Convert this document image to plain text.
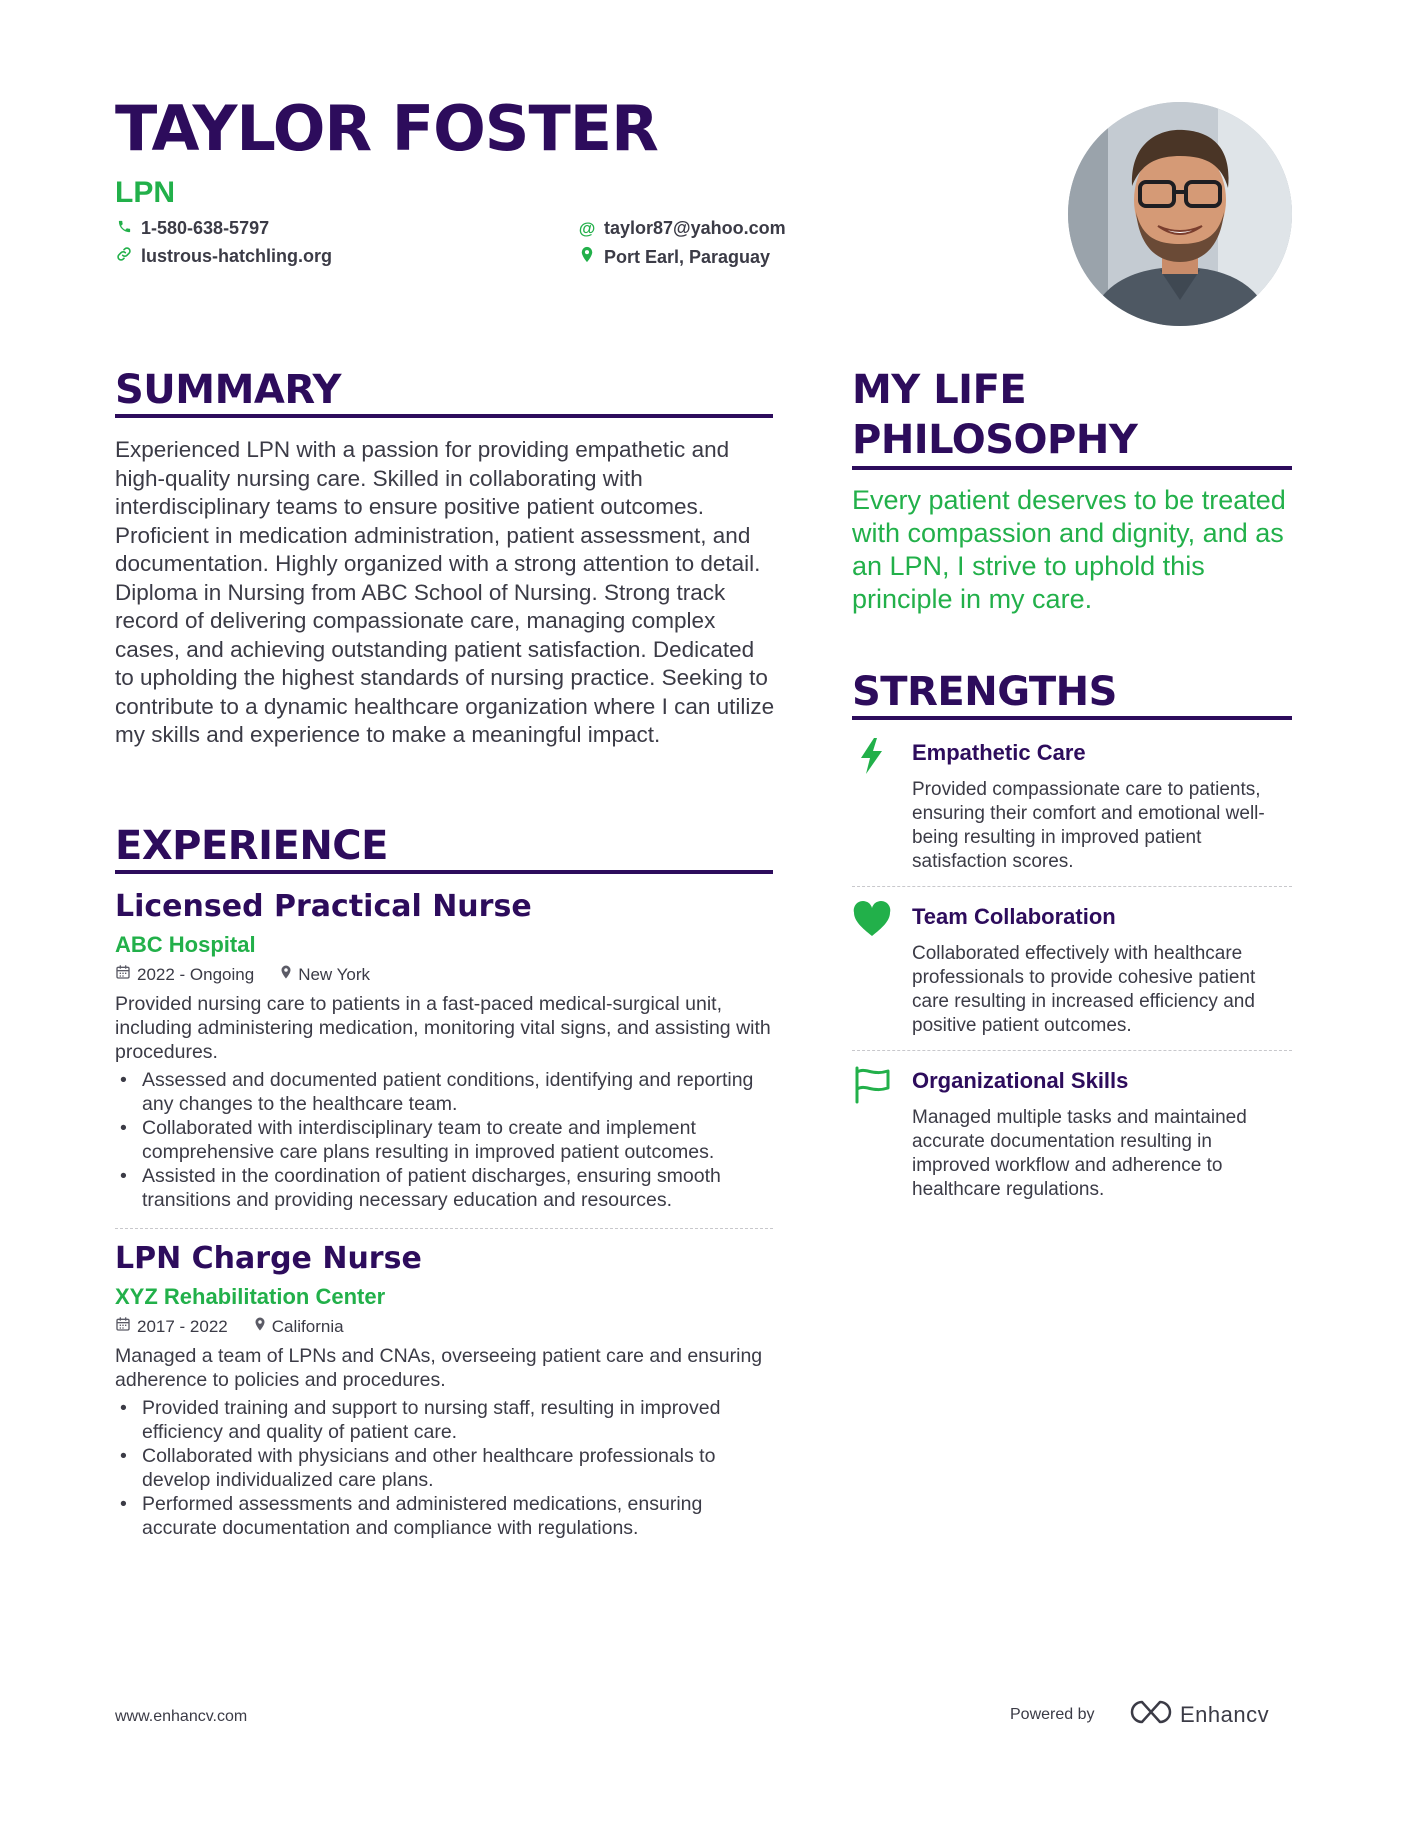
TAYLOR FOSTER
LPN
1-580-638-5797
lustrous-hatchling.org
@ taylor87@yahoo.com
Port Earl, Paraguay
SUMMARY

Experienced LPN with a passion for providing empathetic and high-quality nursing care. Skilled in collaborating with interdisciplinary teams to ensure positive patient outcomes. Proficient in medication administration, patient assessment, and documentation. Highly organized with a strong attention to detail. Diploma in Nursing from ABC School of Nursing. Strong track record of delivering compassionate care, managing complex cases, and achieving outstanding patient satisfaction. Dedicated to upholding the highest standards of nursing practice. Seeking to contribute to a dynamic healthcare organization where I can utilize my skills and experience to make a meaningful impact.

EXPERIENCE
Licensed Practical Nurse
ABC Hospital
2022 - Ongoing	New York
Provided nursing care to patients in a fast-paced medical-surgical unit, including administering medication, monitoring vital signs, and assisting with procedures.
• Assessed and documented patient conditions, identifying and reporting any changes to the healthcare team.
• Collaborated with interdisciplinary team to create and implement comprehensive care plans resulting in improved patient outcomes.
• Assisted in the coordination of patient discharges, ensuring smooth transitions and providing necessary education and resources.
LPN Charge Nurse
XYZ Rehabilitation Center
2017 - 2022	California
Managed a team of LPNs and CNAs, overseeing patient care and ensuring adherence to policies and procedures.
• Provided training and support to nursing staff, resulting in improved efficiency and quality of patient care.
• Collaborated with physicians and other healthcare professionals to develop individualized care plans.
• Performed assessments and administered medications, ensuring accurate documentation and compliance with regulations.
MY LIFE
PHILOSOPHY

Every patient deserves to be treated with compassion and dignity, and as an LPN, I strive to uphold this principle in my care.

STRENGTHS
Empathetic Care
Provided compassionate care to patients, ensuring their comfort and emotional well-being resulting in improved patient satisfaction scores.
Team Collaboration
Collaborated effectively with healthcare professionals to provide cohesive patient care resulting in increased efficiency and positive patient outcomes.
Organizational Skills
Managed multiple tasks and maintained accurate documentation resulting in improved workflow and adherence to healthcare regulations.
www.enhancv.com	Powered by	Enhancv
